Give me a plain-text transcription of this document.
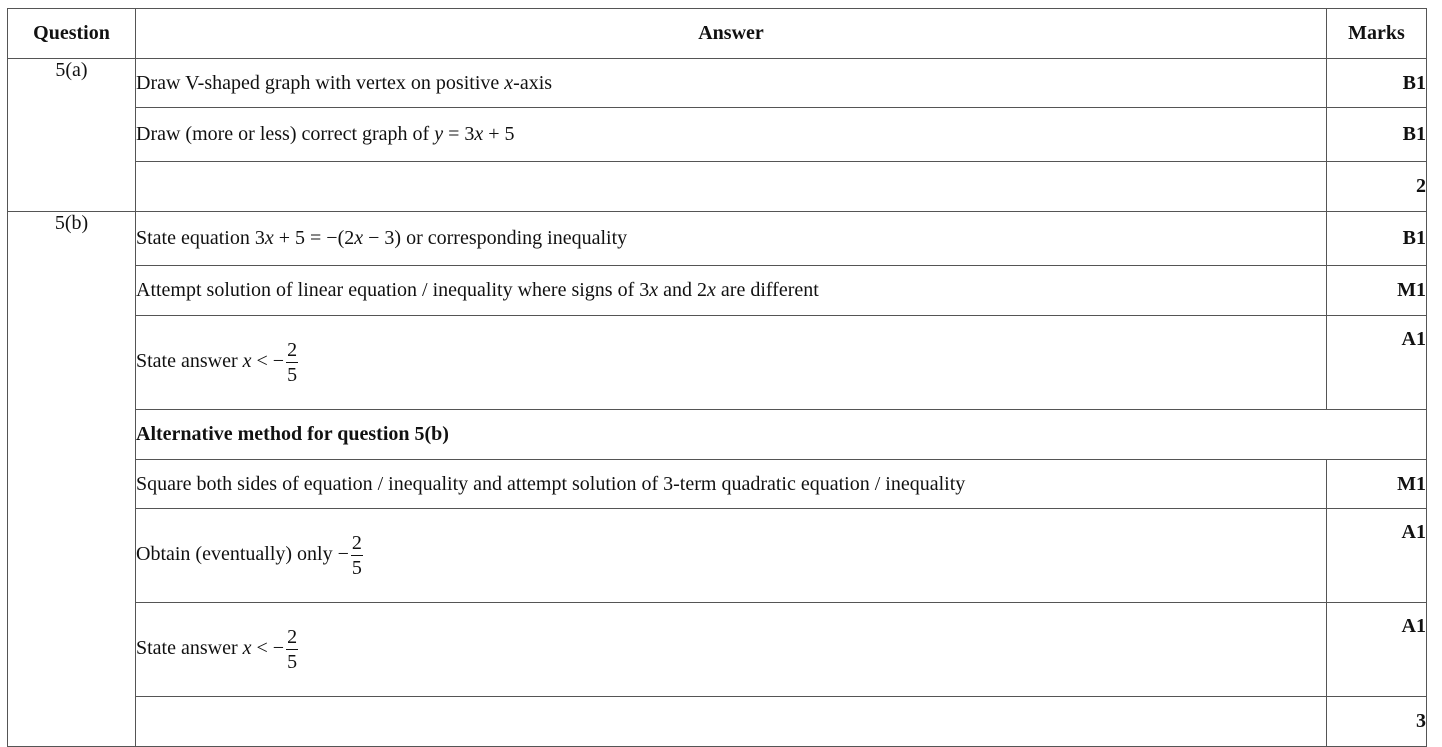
Question	Answer	Marks
5(a)	Draw V-shaped graph with vertex on positive x-axis	B1
	Draw (more or less) correct graph of y = 3x + 5	B1
		2
5(b)	State equation 3x + 5 = −(2x − 3) or corresponding inequality	B1
	Attempt solution of linear equation / inequality where signs of 3x and 2x are different	M1
	State answer x < − $\frac{2}{5}$	A1
	Alternative method for question 5(b)	
	Square both sides of equation / inequality and attempt solution of 3-term quadratic equation / inequality	M1
	Obtain (eventually) only − $\frac{2}{5}$	A1
	State answer x < − $\frac{2}{5}$	A1
		3
